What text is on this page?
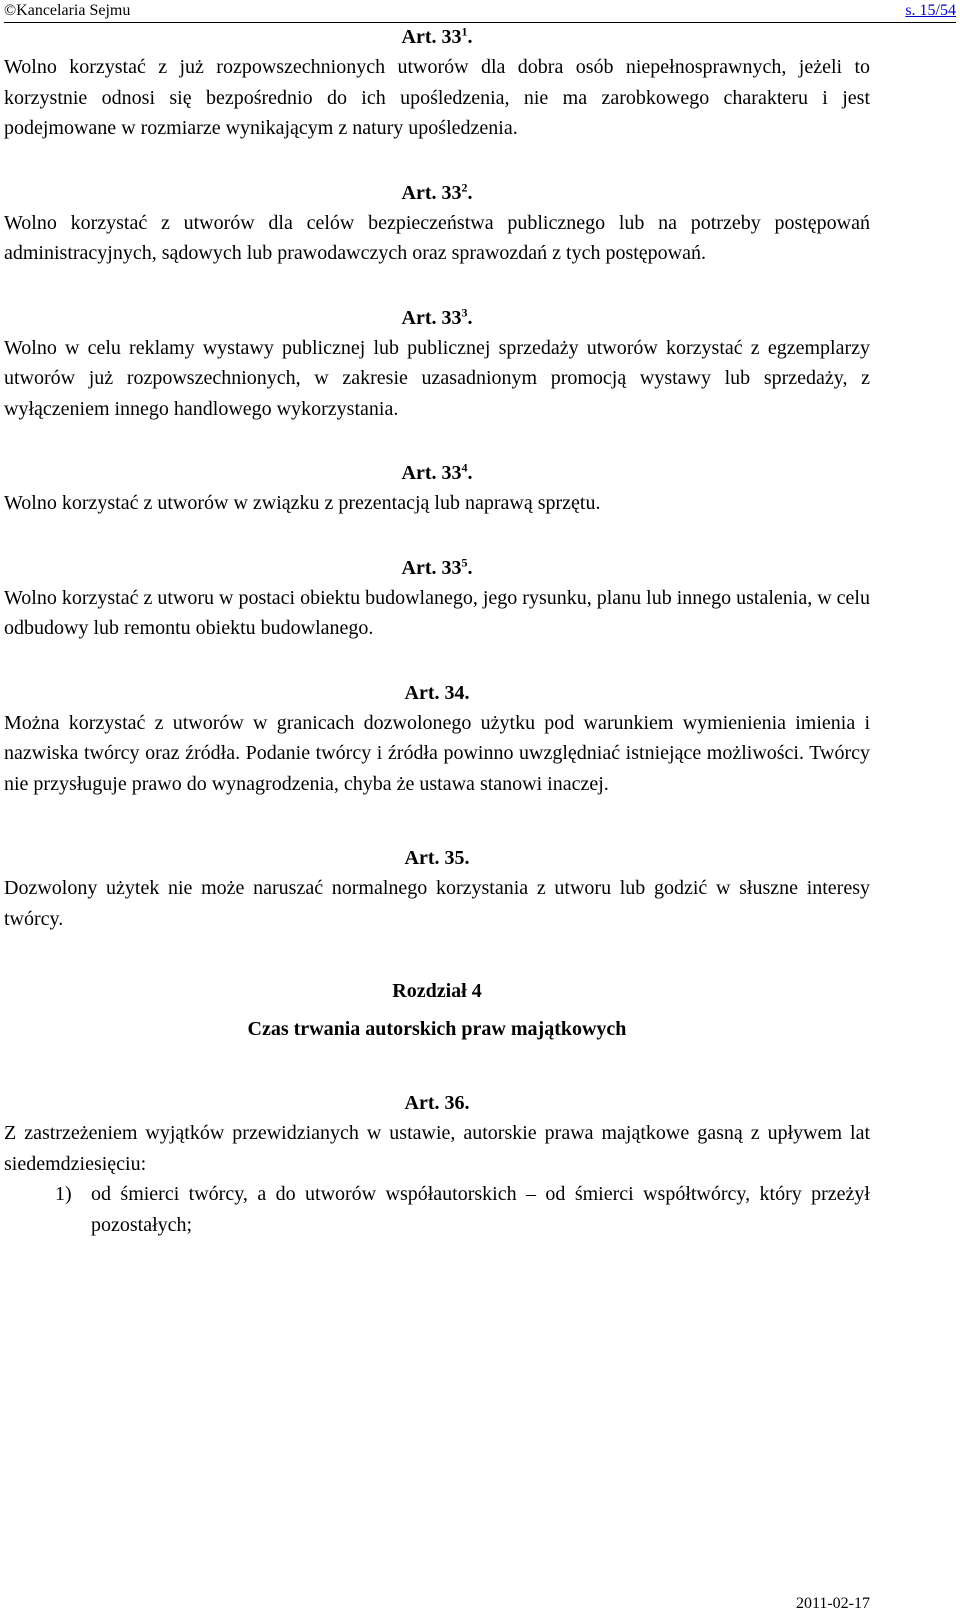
©Kancelaria Sejmu	s. 15/54

Art. $33^1$.

Wolno korzystać z już rozpowszechnionych utworów dla dobra osób niepełnosprawnych, jeżeli to korzystnie odnosi się bezpośrednio do ich upośledzenia, nie ma zarobkowego charakteru i jest podejmowane w rozmiarze wynikającym z natury upośledzenia.

Art. $33^2$.

Wolno korzystać z utworów dla celów bezpieczeństwa publicznego lub na potrzeby postępowań administracyjnych, sądowych lub prawodawczych oraz sprawozdań z tych postępowań.

Art. $33^3$.

Wolno w celu reklamy wystawy publicznej lub publicznej sprzedaży utworów korzystać z egzemplarzy utworów już rozpowszechnionych, w zakresie uzasadnionym promocją wystawy lub sprzedaży, z wyłączeniem innego handlowego wykorzystania.

Art. $33^4$.

Wolno korzystać z utworów w związku z prezentacją lub naprawą sprzętu.

Art. $33^5$.

Wolno korzystać z utworu w postaci obiektu budowlanego, jego rysunku, planu lub innego ustalenia, w celu odbudowy lub remontu obiektu budowlanego.

Art. 34.

Można korzystać z utworów w granicach dozwolonego użytku pod warunkiem wymienienia imienia i nazwiska twórcy oraz źródła. Podanie twórcy i źródła powinno uwzględniać istniejące możliwości. Twórcy nie przysługuje prawo do wynagrodzenia, chyba że ustawa stanowi inaczej.

Art. 35.

Dozwolony użytek nie może naruszać normalnego korzystania z utworu lub godzić w słuszne interesy twórcy.

Rozdział 4

Czas trwania autorskich praw majątkowych

Art. 36.

Z zastrzeżeniem wyjątków przewidzianych w ustawie, autorskie prawa majątkowe gasną z upływem lat siedemdziesięciu:

1) od śmierci twórcy, a do utworów współautorskich – od śmierci współtwórcy, który przeżył pozostałych;
2011-02-17
